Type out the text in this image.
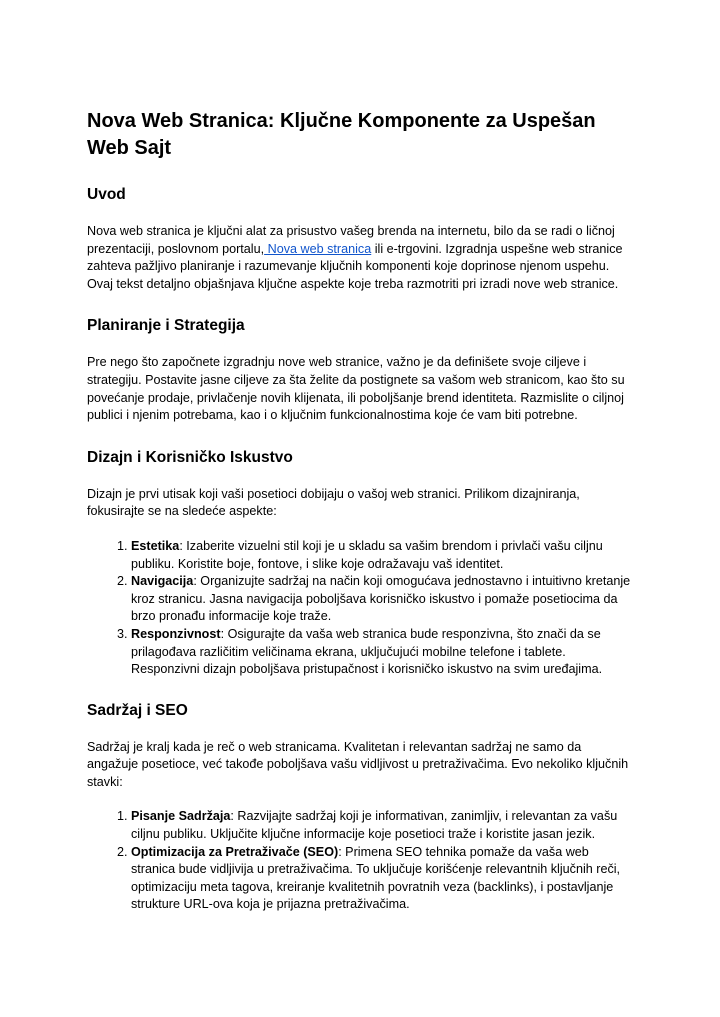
Nova Web Stranica: Ključne Komponente za Uspešan Web Sajt
Uvod

Nova web stranica je ključni alat za prisustvo vašeg brenda na internetu, bilo da se radi o ličnoj prezentaciji, poslovnom portalu, Nova web stranica ili e-trgovini. Izgradnja uspešne web stranice zahteva pažljivo planiranje i razumevanje ključnih komponenti koje doprinose njenom uspehu. Ovaj tekst detaljno objašnjava ključne aspekte koje treba razmotriti pri izradi nove web stranice.

Planiranje i Strategija

Pre nego što započnete izgradnju nove web stranice, važno je da definišete svoje ciljeve i strategiju. Postavite jasne ciljeve za šta želite da postignete sa vašom web stranicom, kao što su povećanje prodaje, privlačenje novih klijenata, ili poboljšanje brend identiteta. Razmislite o ciljnoj publici i njenim potrebama, kao i o ključnim funkcionalnostima koje će vam biti potrebne.

Dizajn i Korisničko Iskustvo

Dizajn je prvi utisak koji vaši posetioci dobijaju o vašoj web stranici. Prilikom dizajniranja, fokusirajte se na sledeće aspekte:

1. Estetika: Izaberite vizuelni stil koji je u skladu sa vašim brendom i privlači vašu ciljnu publiku. Koristite boje, fontove, i slike koje odražavaju vaš identitet.
2. Navigacija: Organizujte sadržaj na način koji omogućava jednostavno i intuitivno kretanje kroz stranicu. Jasna navigacija poboljšava korisničko iskustvo i pomaže posetiocima da brzo pronađu informacije koje traže.
3. Responzivnost: Osigurajte da vaša web stranica bude responzivna, što znači da se prilagođava različitim veličinama ekrana, uključujući mobilne telefone i tablete. Responzivni dizajn poboljšava pristupačnost i korisničko iskustvo na svim uređajima.
Sadržaj i SEO

Sadržaj je kralj kada je reč o web stranicama. Kvalitetan i relevantan sadržaj ne samo da angažuje posetioce, već takođe poboljšava vašu vidljivost u pretraživačima. Evo nekoliko ključnih stavki:

1. Pisanje Sadržaja: Razvijajte sadržaj koji je informativan, zanimljiv, i relevantan za vašu ciljnu publiku. Uključite ključne informacije koje posetioci traže i koristite jasan jezik.
2. Optimizacija za Pretraživače (SEO): Primena SEO tehnika pomaže da vaša web stranica bude vidljivija u pretraživačima. To uključuje korišćenje relevantnih ključnih reči, optimizaciju meta tagova, kreiranje kvalitetnih povratnih veza (backlinks), i postavljanje strukture URL-ova koja je prijazna pretraživačima.
